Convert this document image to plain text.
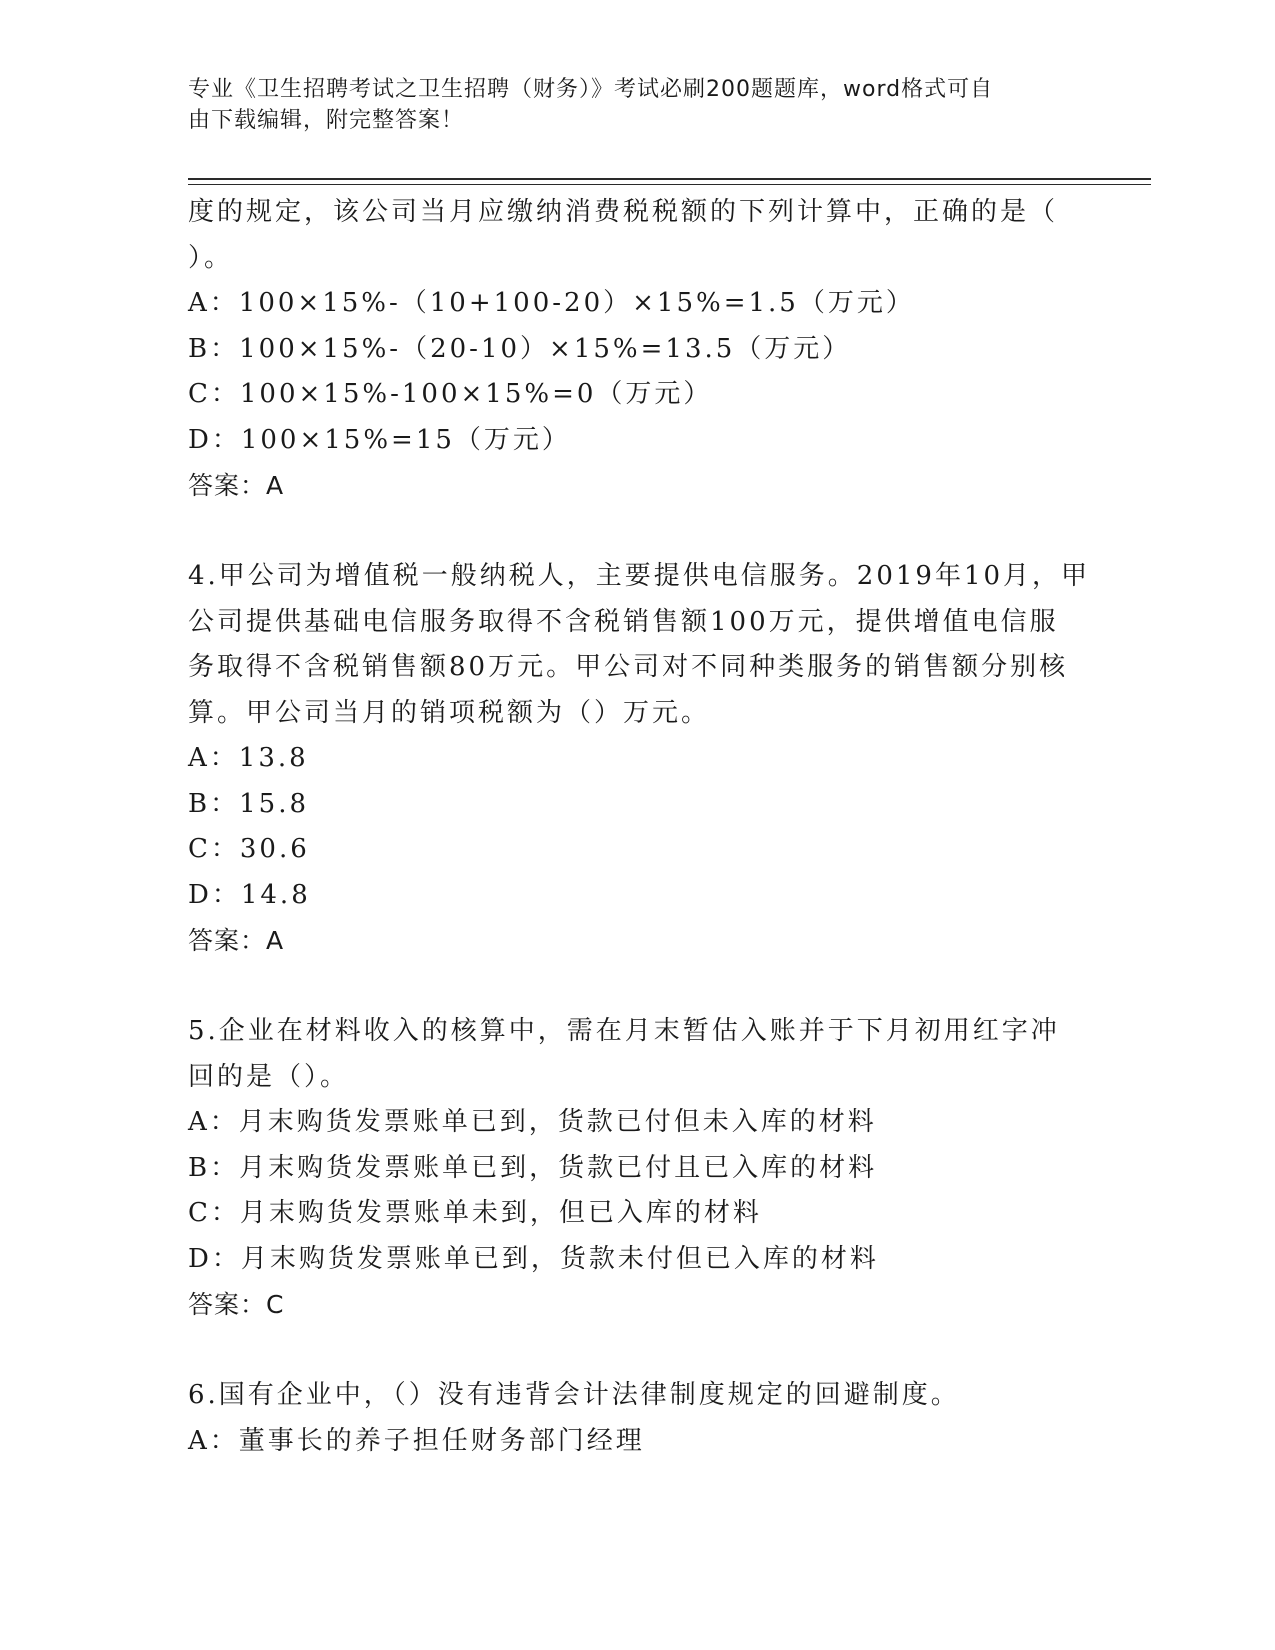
专业《卫生招聘考试之卫生招聘（财务）》考试必刷200题题库，word格式可自
由下载编辑，附完整答案！
度的规定，该公司当月应缴纳消费税税额的下列计算中，正确的是（
）。
A：100×15%-（10+100-20）×15%=1.5（万元）
B：100×15%-（20-10）×15%=13.5（万元）
C：100×15%-100×15%=0（万元）
D：100×15%=15（万元）
答案：A
4.甲公司为增值税一般纳税人，主要提供电信服务。2019年10月，甲
公司提供基础电信服务取得不含税销售额100万元，提供增值电信服
务取得不含税销售额80万元。甲公司对不同种类服务的销售额分别核
算。甲公司当月的销项税额为（）万元。
A：13.8
B：15.8
C：30.6
D：14.8
答案：A
5.企业在材料收入的核算中，需在月末暂估入账并于下月初用红字冲
回的是（）。
A：月末购货发票账单已到，货款已付但未入库的材料
B：月末购货发票账单已到，货款已付且已入库的材料
C：月末购货发票账单未到，但已入库的材料
D：月末购货发票账单已到，货款未付但已入库的材料
答案：C
6.国有企业中，（）没有违背会计法律制度规定的回避制度。
A：董事长的养子担任财务部门经理
